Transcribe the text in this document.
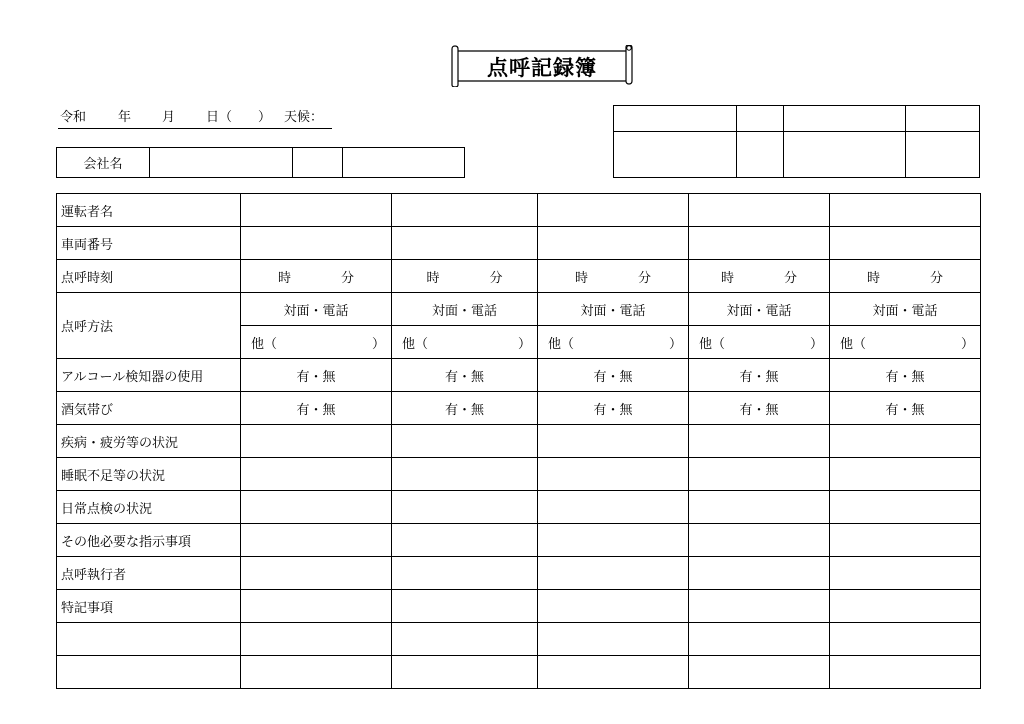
点呼記録簿
令和 年 月 日（ ） 天候：
会社名			

運転者名					
車両番号					
点呼時刻	時 分	時 分	時 分	時 分	時 分

点呼方法	対面・電話	対面・電話	対面・電話	対面・電話	対面・電話

	他（ ）	他（ ）	他（ ）	他（ ）	他（ ）

アルコール検知器の使用	有・無	有・無	有・無	有・無	有・無
酒気帯び	有・無	有・無	有・無	有・無	有・無
疾病・疲労等の状況					
睡眠不足等の状況					
日常点検の状況					
その他必要な指示事項					
点呼執行者					
特記事項					
